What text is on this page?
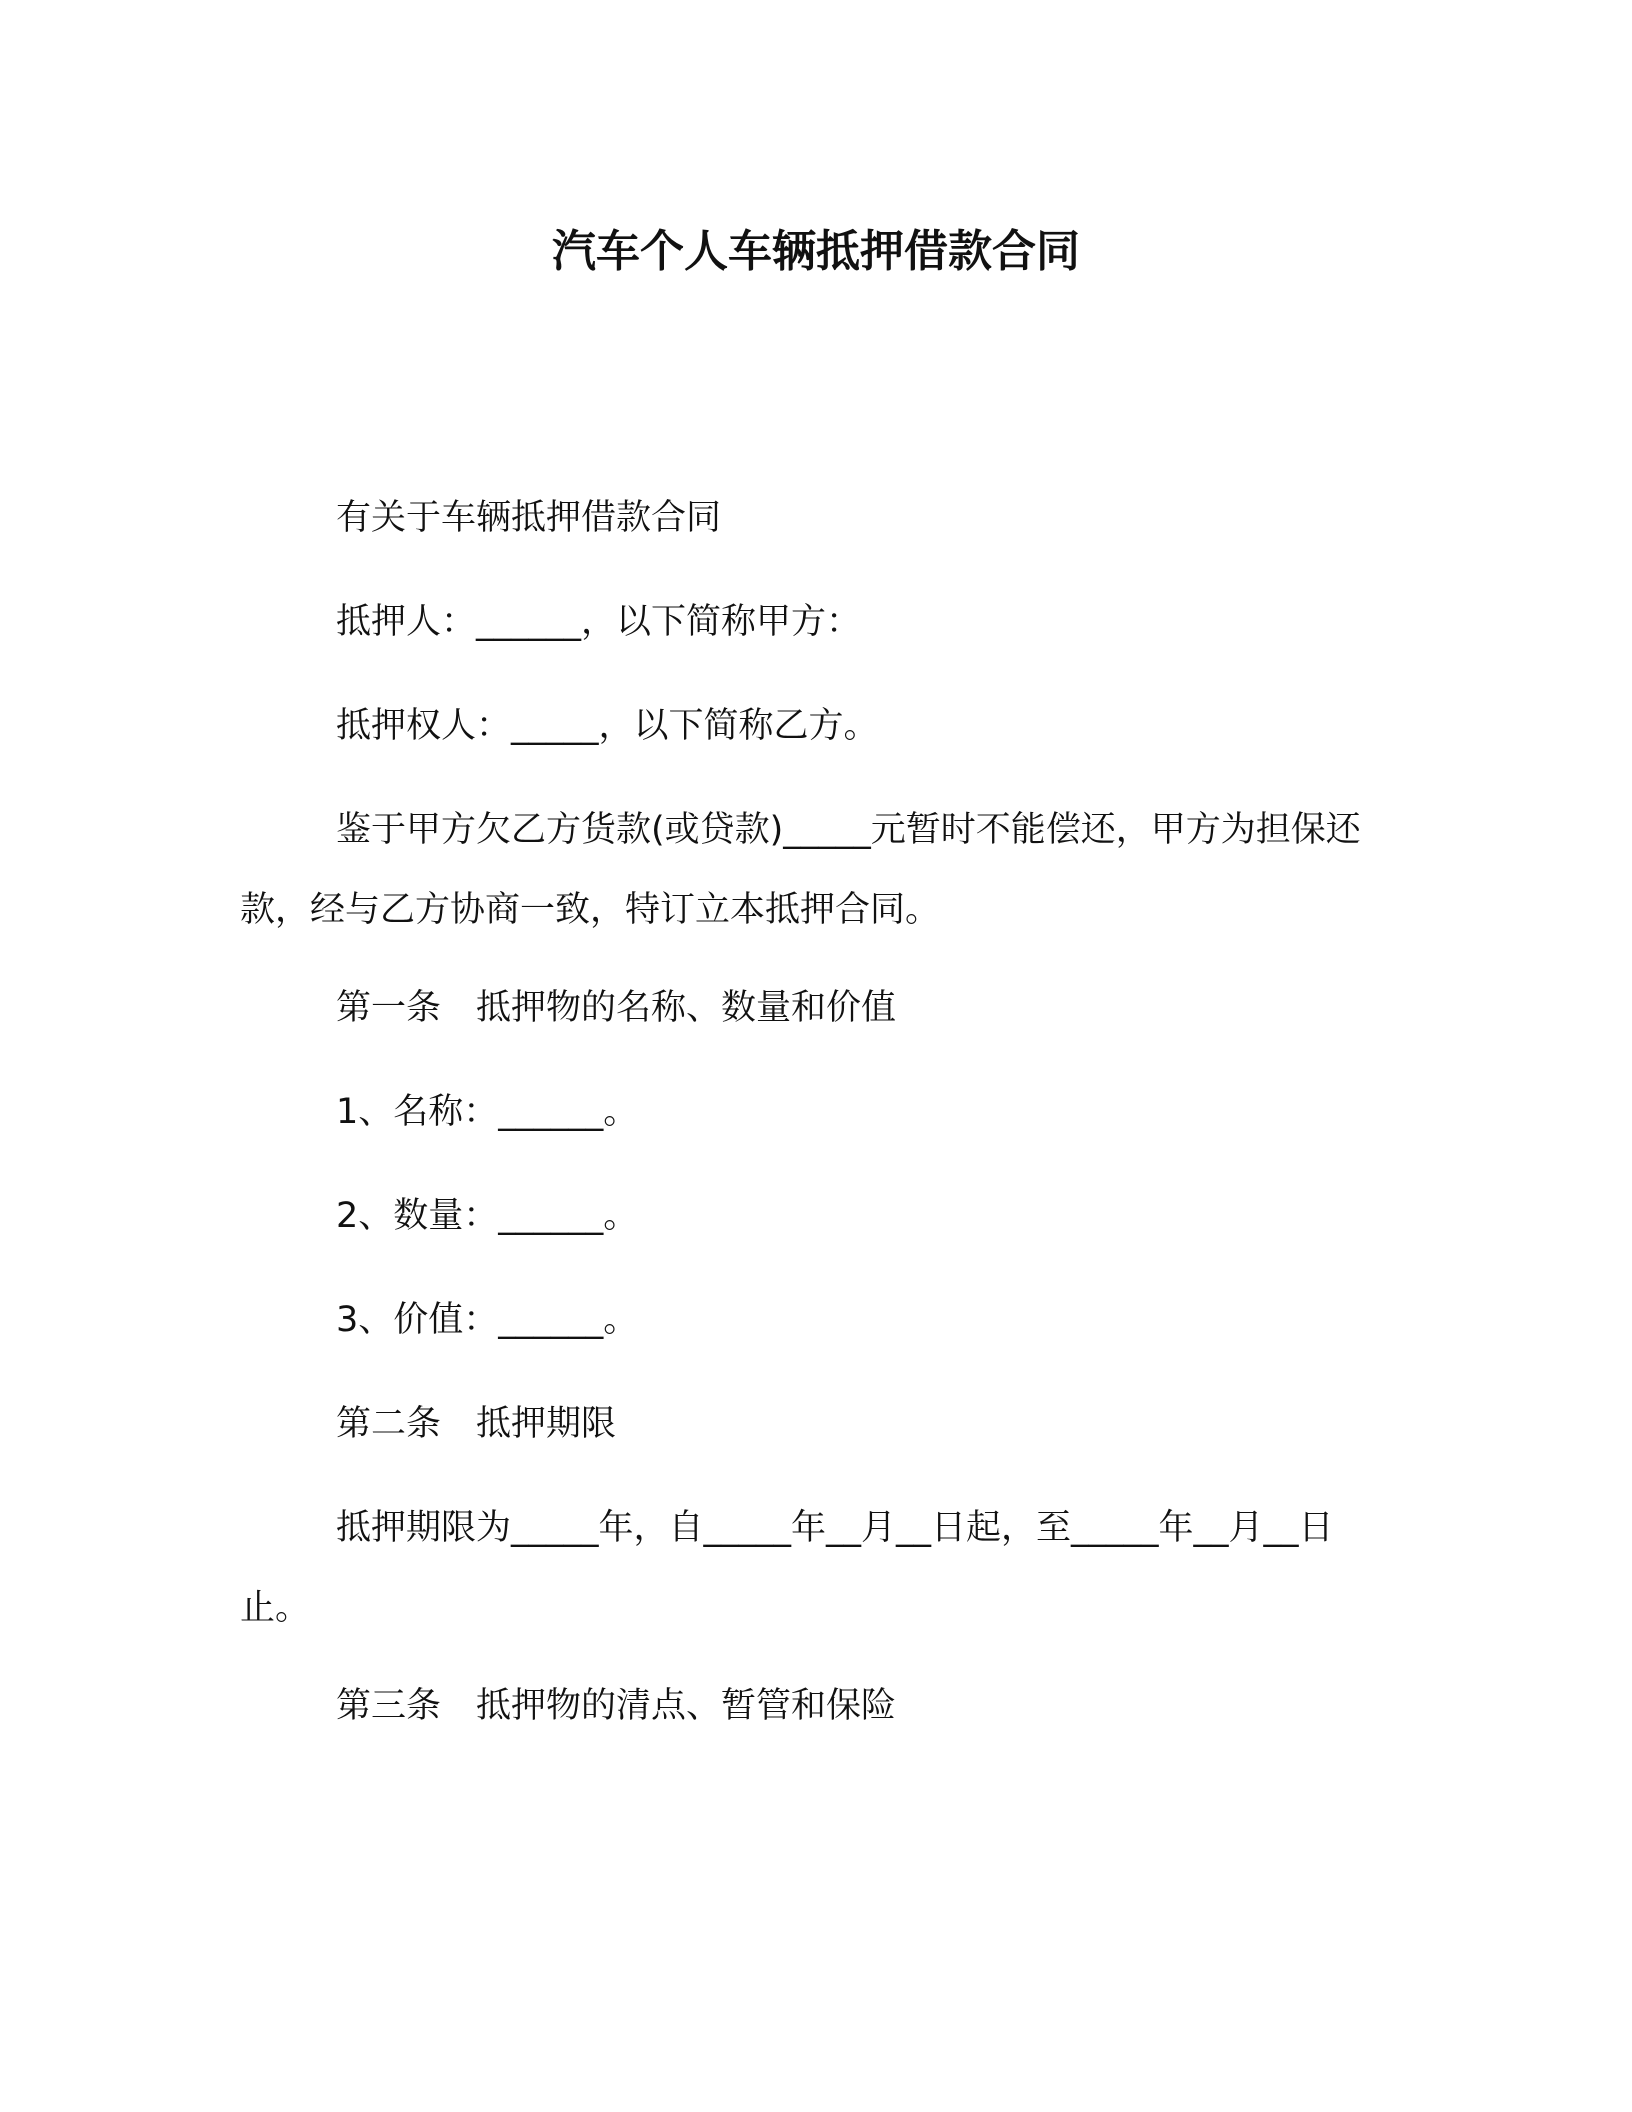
汽车个人车辆抵押借款合同
有关于车辆抵押借款合同
抵押人：______，以下简称甲方：
抵押权人：_____，以下简称乙方。
鉴于甲方欠乙方货款(或贷款)_____元暂时不能偿还，甲方为担保还款，经与乙方协商一致，特订立本抵押合同。
第一条　抵押物的名称、数量和价值
1、名称：______。
2、数量：______。
3、价值：______。
第二条　抵押期限
抵押期限为_____年，自_____年__月__日起，至_____年__月__日止。
第三条　抵押物的清点、暂管和保险
